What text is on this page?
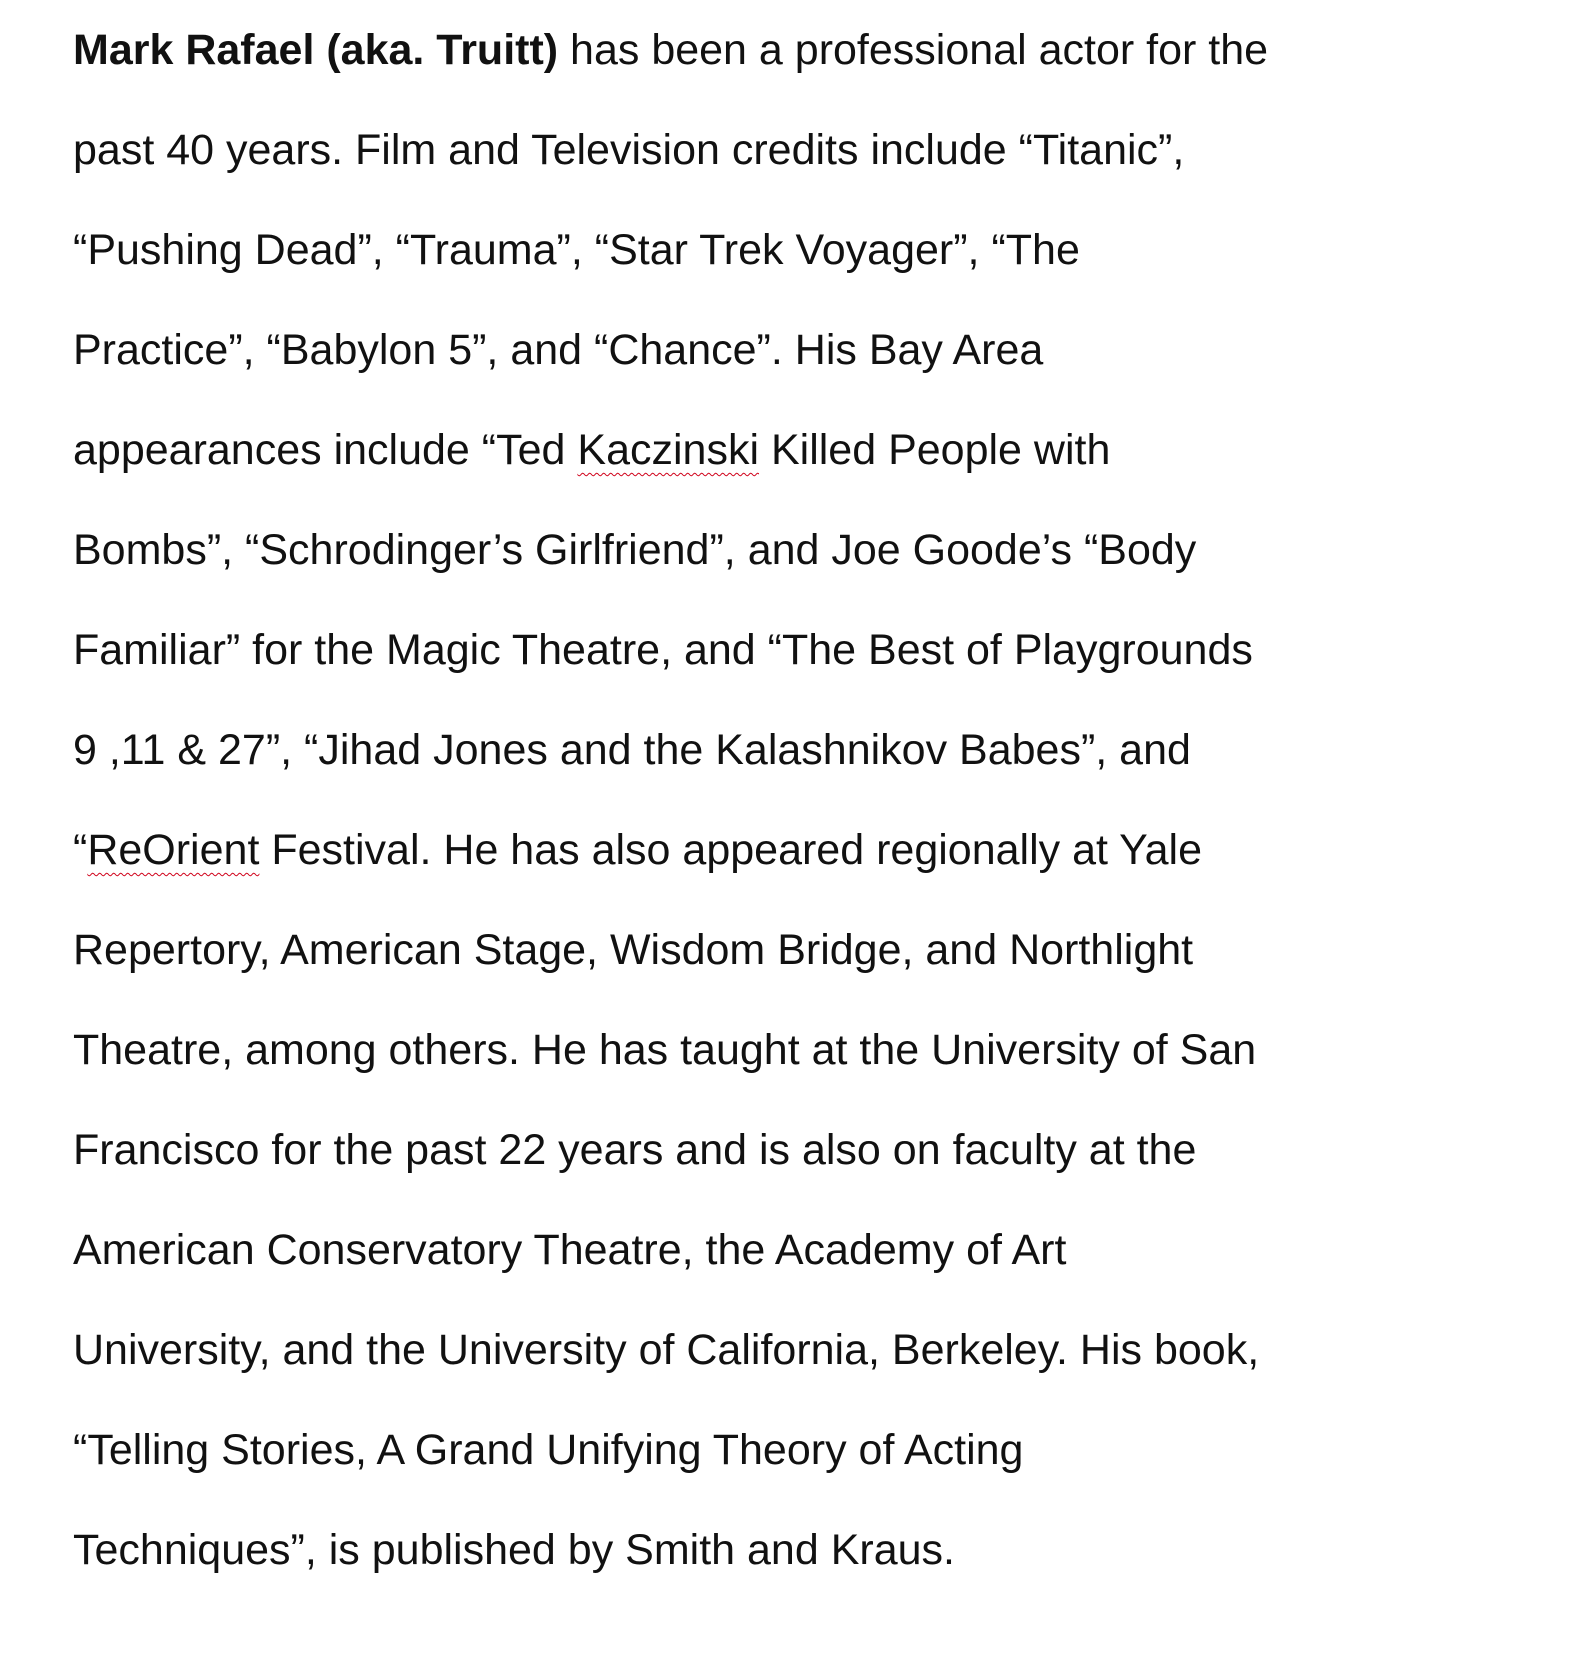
Mark Rafael (aka. Truitt) has been a professional actor for the
past 40 years. Film and Television credits include “Titanic”,
“Pushing Dead”, “Trauma”, “Star Trek Voyager”, “The
Practice”, “Babylon 5”, and “Chance”. His Bay Area
appearances include “Ted Kaczinski Killed People with
Bombs”, “Schrodinger’s Girlfriend”, and Joe Goode’s “Body
Familiar” for the Magic Theatre, and “The Best of Playgrounds
9 ,11 & 27”, “Jihad Jones and the Kalashnikov Babes”, and
“ReOrient Festival. He has also appeared regionally at Yale
Repertory, American Stage, Wisdom Bridge, and Northlight
Theatre, among others. He has taught at the University of San
Francisco for the past 22 years and is also on faculty at the
American Conservatory Theatre, the Academy of Art
University, and the University of California, Berkeley. His book,
“Telling Stories, A Grand Unifying Theory of Acting
Techniques”, is published by Smith and Kraus.
